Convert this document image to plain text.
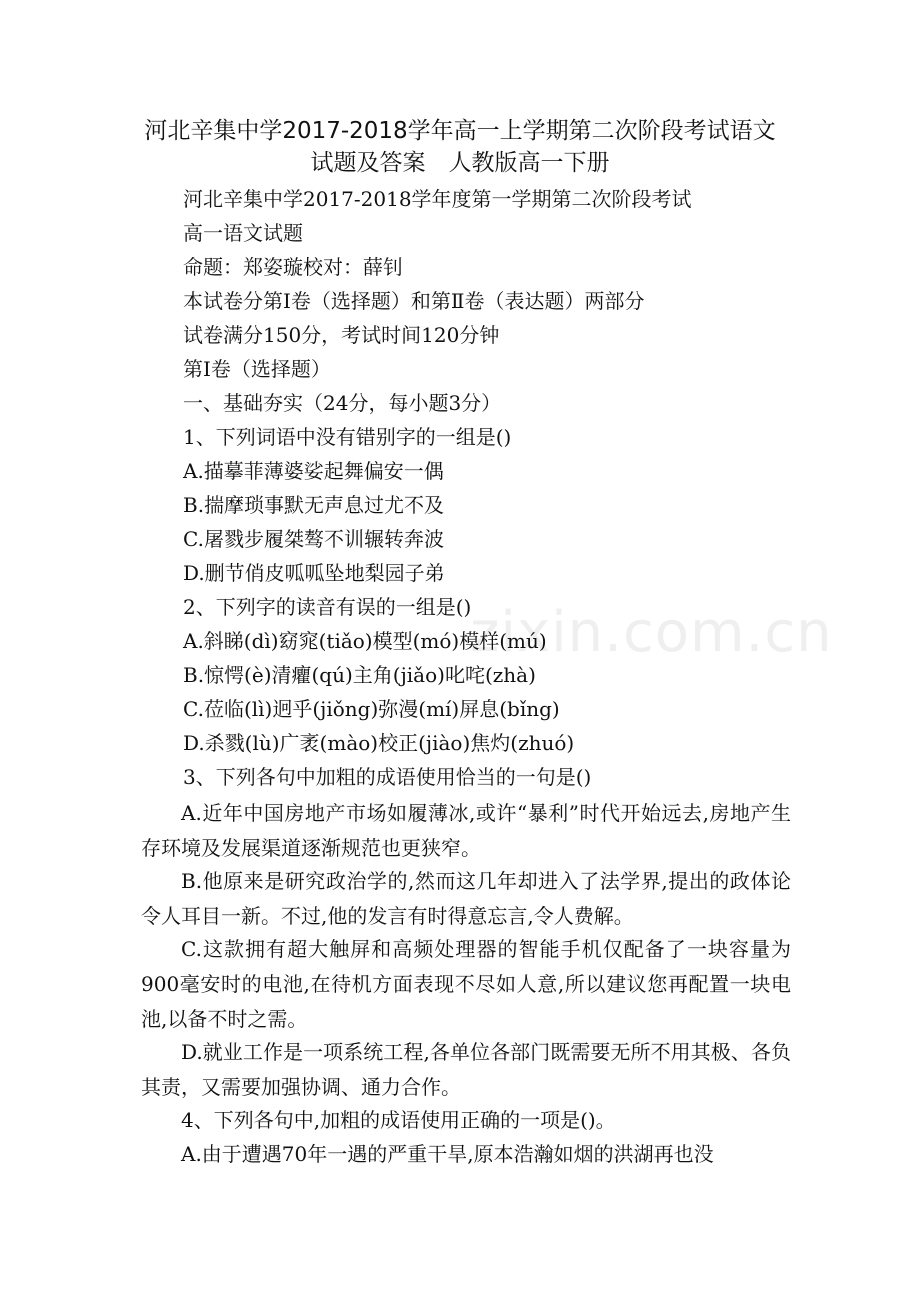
zixin.com.cn
河北辛集中学2017-2018学年高一上学期第二次阶段考试语文
试题及答案　人教版高一下册
河北辛集中学2017-2018学年度第一学期第二次阶段考试
高一语文试题
命题：郑姿璇校对：薛钊
本试卷分第Ⅰ卷（选择题）和第Ⅱ卷（表达题）两部分
试卷满分150分，考试时间120分钟
第Ⅰ卷（选择题）
一、基础夯实（24分，每小题3分）
1、下列词语中没有错别字的一组是()
A.描摹菲薄婆娑起舞偏安一偶
B.揣摩琐事默无声息过尤不及
C.屠戮步履桀骜不训辗转奔波
D.删节俏皮呱呱坠地梨园子弟
2、下列字的读音有误的一组是()
A.斜睇(dì)窈窕(tiǎo)模型(mó)模样(mú)
B.惊愕(è)清癯(qú)主角(jiǎo)叱咤(zhà)
C.莅临(lì)迥乎(jiǒng)弥漫(mí)屏息(bǐng)
D.杀戮(lù)广袤(mào)校正(jiào)焦灼(zhuó)
3、下列各句中加粗的成语使用恰当的一句是()
A.近年中国房地产市场如履薄冰,或许“暴利”时代开始远去,房地产生存环境及发展渠道逐渐规范也更狭窄。
B.他原来是研究政治学的,然而这几年却进入了法学界,提出的政体论令人耳目一新。不过,他的发言有时得意忘言,令人费解。
C.这款拥有超大触屏和高频处理器的智能手机仅配备了一块容量为900毫安时的电池,在待机方面表现不尽如人意,所以建议您再配置一块电池,以备不时之需。
D.就业工作是一项系统工程,各单位各部门既需要无所不用其极、各负其责，又需要加强协调、通力合作。
4、下列各句中,加粗的成语使用正确的一项是()。
A.由于遭遇70年一遇的严重干旱,原本浩瀚如烟的洪湖再也没
